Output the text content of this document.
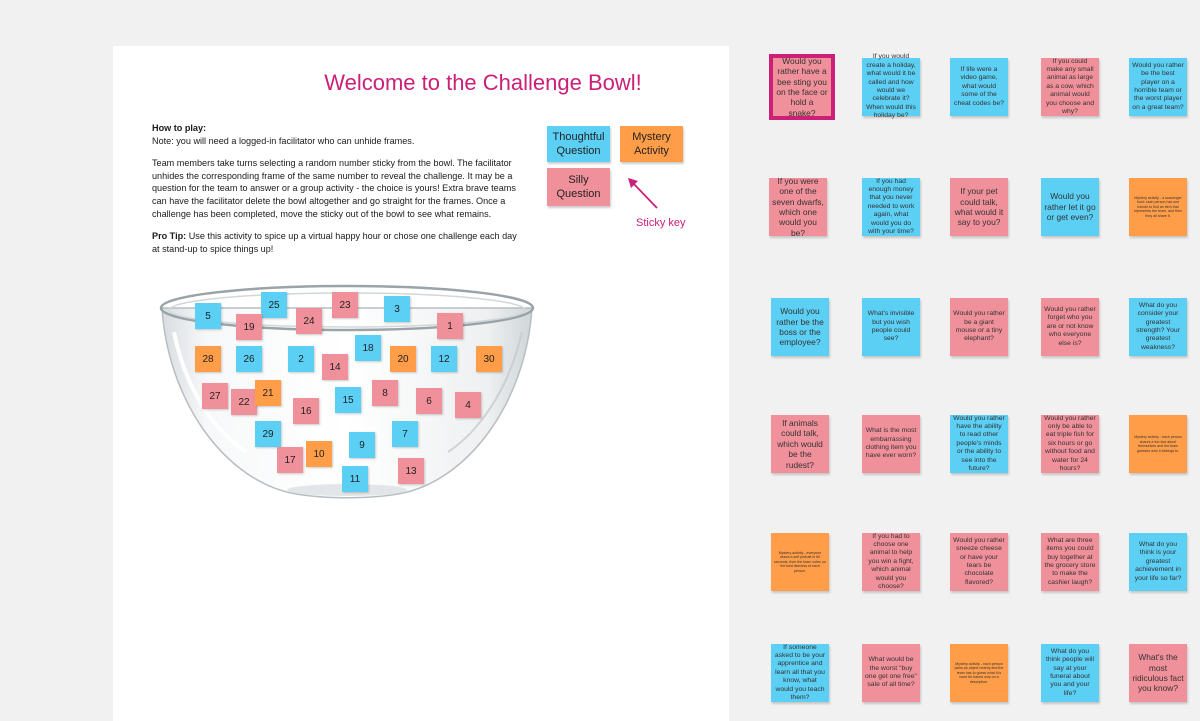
Welcome to the Challenge Bowl!

How to play:
Note: you will need a logged-in facilitator who can unhide frames.

Team members take turns selecting a random number sticky from the bowl. The facilitator unhides the corresponding frame of the same number to reveal the challenge. It may be a question for the team to answer or a group activity - the choice is yours! Extra brave teams can have the facilitator delete the bowl altogether and go straight for the frames. Once a challenge has been completed, move the sticky out of the bowl to see what remains.

Pro Tip: Use this activity to spice up a virtual happy hour or chose one challenge each day at stand-up to spice things up!

Thoughtful Question
Mystery Activity
Silly Question
Sticky key
5
25
19
24
23	3
1
28	26	2
18
14
20	12	30
27
22
21
16
15
8
6	4
29
9
7
17
10
13
11
Would you rather have a bee sting you on the face or hold a snake?
If you would create a holiday, what would it be called and how would we celebrate it? When would this holiday be?
If life were a video game, what would some of the cheat codes be?
If you could make any small animal as large as a cow, which animal would you choose and why?
Would you rather be the best player on a horrible team or the worst player on a great team?
If you were one of the seven dwarfs, which one would you be?
If you had enough money that you never needed to work again, what would you do with your time?
If your pet could talk, what would it say to you?
Would you rather let it go or get even?
Mystery activity - a scavenger hunt: each person has one minute to find an item that represents the team, and then they all share it.
Would you rather be the boss or the employee?
What's invisible but you wish people could see?
Would you rather be a giant mouse or a tiny elephant?
Would you rather forget who you are or not know who everyone else is?
What do you consider your greatest strength? Your greatest weakness?
If animals could talk, which would be the rudest?
What is the most embarrassing clothing item you have ever worn?
Would you rather have the ability to read other people's minds or the ability to see into the future?
Would you rather only be able to eat triple fish for six hours or go without food and water for 24 hours?
Mystery activity - each person shares a fun fact about themselves and the team guesses who it belongs to.
Mystery activity - everyone draws a self portrait in 60 seconds, then the team votes on the best likeness of each person.
If you had to choose one animal to help you win a fight, which animal would you choose?
Would you rather sneeze cheese or have your tears be chocolate flavored?
What are three items you could buy together at the grocery store to make the cashier laugh?
What do you think is your greatest achievement in your life so far?
If someone asked to be your apprentice and learn all that you know, what would you teach them?
What would be the worst "buy one get one free" sale of all time?
Mystery activity - each person picks an object nearby and the team has to guess what it is used for based only on a description.
What do you think people will say at your funeral about you and your life?
What's the most ridiculous fact you know?
